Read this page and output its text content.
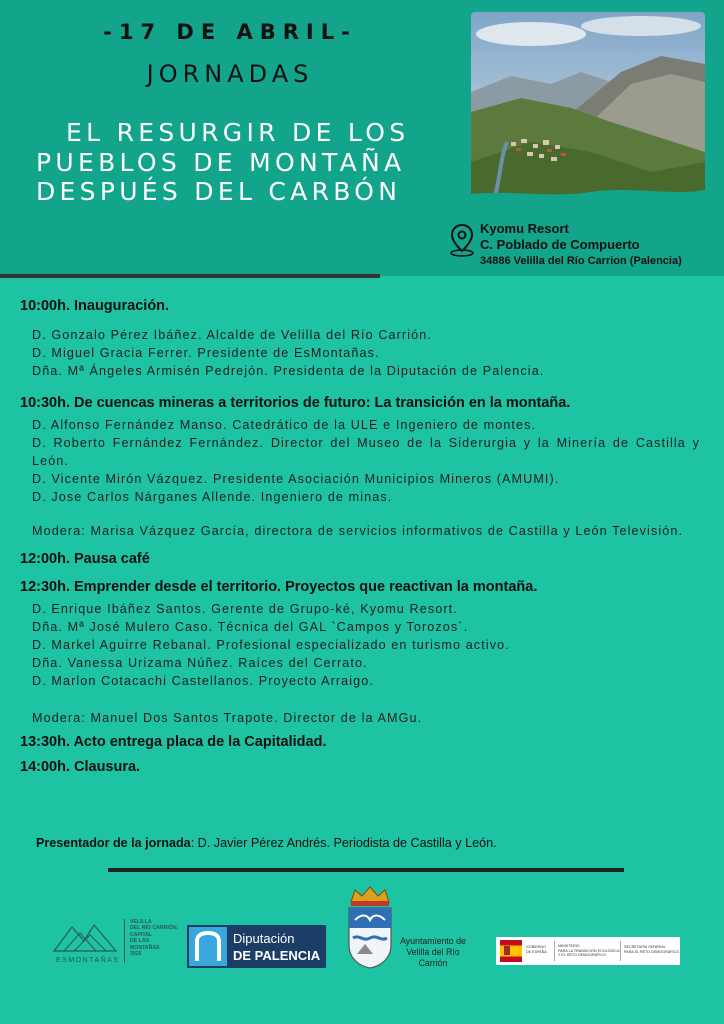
-17 DE ABRIL-
JORNADAS
EL RESURGIR DE LOS
PUEBLOS DE MONTAÑA
DESPUÉS DEL CARBÓN
Kyomu Resort
C. Poblado de Compuerto
34886 Velilla del Río Carrion (Palencia)
10:00h. Inauguración.
D. Gonzalo Pérez Ibáñez. Alcalde de Velilla del Río Carrión.
D. Miguel Gracia Ferrer. Presidente de EsMontañas.
Dña. Mª Ángeles Armisén Pedrejón. Presidenta de la Diputación de Palencia.
10:30h. De cuencas mineras a territorios de futuro: La transición en la montaña.
D. Alfonso Fernández Manso. Catedrático de la ULE e Ingeniero de montes.
D. Roberto Fernández Fernández. Director del Museo de la Siderurgia y la Minería de Castilla y León.
D. Vicente Mirón Vázquez. Presidente Asociación Municipios Mineros (AMUMI).
D. Jose Carlos Nárganes Allende. Ingeniero de minas.
Modera: Marisa Vázquez García, directora de servicios informativos de Castilla y León Televisión.
12:00h. Pausa café
12:30h. Emprender desde el territorio. Proyectos que reactivan la montaña.
D. Enrique Ibáñez Santos. Gerente de Grupo-ké, Kyomu Resort.
Dña. Mª José Mulero Caso. Técnica del GAL `Campos y Torozos´.
D. Markel Aguirre Rebanal. Profesional especializado en turismo activo.
Dña. Vanessa Urizama Núñez. Raíces del Cerrato.
D. Marlon Cotacachi Castellanos. Proyecto Arraigo.
Modera: Manuel Dos Santos Trapote. Director de la AMGu.
13:30h. Acto entrega placa de la Capitalidad.
14:00h. Clausura.
Presentador de la jornada: D. Javier Pérez Andrés. Periodista de Castilla y León.
ESMONTAÑAS
VELILLA
DEL RÍO CARRIÓN,
CAPITAL
DE LAS
MONTAÑAS
2025
Diputación
DE PALENCIA
Ayuntamiento de Velilla del Río Carrión
GOBIERNO
DE ESPAÑA
MINISTERIO
PARA LA TRANSICIÓN ECOLÓGICA
Y EL RETO DEMOGRÁFICO
SECRETARÍA GENERAL
PARA EL RETO DEMOGRÁFICO
